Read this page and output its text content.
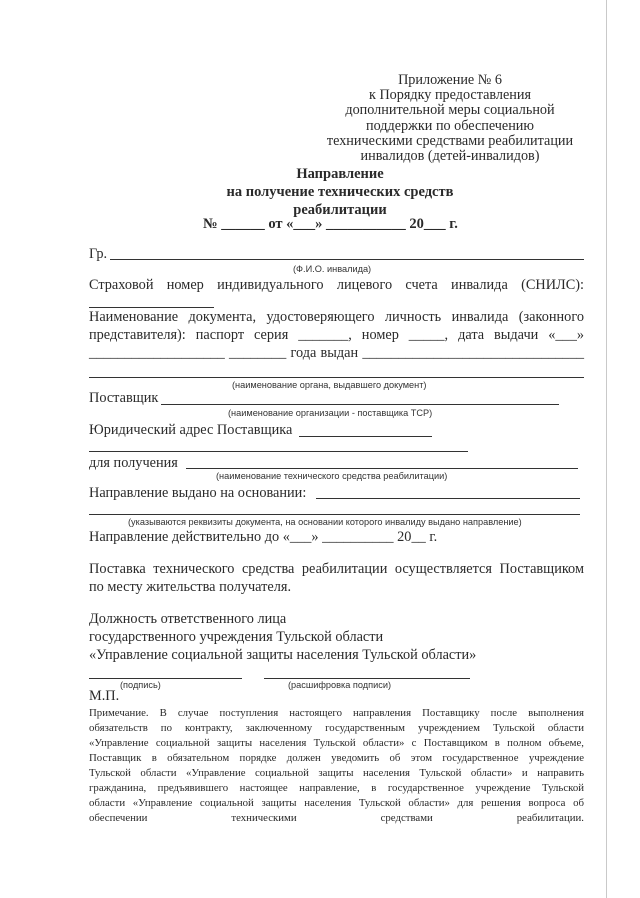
Приложение № 6
к Порядку предоставления
дополнительной меры социальной
поддержки по обеспечению
техническими средствами реабилитации
инвалидов (детей-инвалидов)
Направление
на получение технических средств
реабилитации
№ ______ от «___» ___________ 20___ г.
Гр.
(Ф.И.О. инвалида)
Страховой номер индивидуального лицевого счета инвалида (СНИЛС):
Наименование документа, удостоверяющего личность инвалида (законного
представителя): паспорт серия _______, номер _____, дата выдачи «___»
___________________ ________ года выдан _______________________________
(наименование органа, выдавшего документ)
Поставщик
(наименование организации - поставщика ТСР)
Юридический адрес Поставщика
для получения
(наименование технического средства реабилитации)
Направление выдано на основании:
(указываются реквизиты документа, на основании которого инвалиду выдано направление)
Направление действительно до «___» __________ 20__ г.
Поставка технического средства реабилитации осуществляется Поставщиком
по месту жительства получателя.
Должность ответственного лица
государственного учреждения Тульской области
«Управление социальной защиты населения Тульской области»
(подпись)	(расшифровка подписи)
М.П.
Примечание. В случае поступления настоящего направления Поставщику после выполнения
обязательств по контракту, заключенному государственным учреждением Тульской области
«Управление социальной защиты населения Тульской области» с Поставщиком в полном объеме,
Поставщик в обязательном порядке должен уведомить об этом государственное учреждение
Тульской области «Управление социальной защиты населения Тульской области» и направить
гражданина, предъявившего настоящее направление, в государственное учреждение Тульской
области «Управление социальной защиты населения Тульской области» для решения вопроса об
обеспечении техническими средствами реабилитации.
